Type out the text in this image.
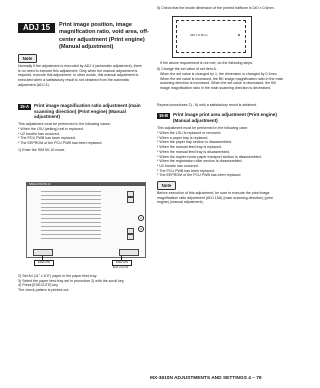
ADJ 15	Print image position, image magnification ratio, void area, off-center adjustment (Print engine) (Manual adjustment)
Note
Normally if the adjustment is executed by ADJ 4 (automatic adjustment), there is no need to execute this adjustment. Only when the manual adjustment is required, execute this adjustment. In other words, this manual adjustment is executed when a satisfactory result is not obtained from the automatic adjustment (ADJ 4).
15-A	Print image magnification ratio adjustment (main scanning direction) (Print engine) (Manual adjustment)
This adjustment must be performed in the following cases:
* When the LSU (writing) unit is replaced.
* U2 trouble has occurred.
* The PCU PWB has been replaced.
* The EEPROM of the PCU PWB has been replaced.
1) Enter the SIM 50-10 mode.
SIMULATION 50-10
2
3
EXECUTE	EXECUTE
End of print
2) Set A4 (11" x 8.5") paper in the paper feed tray.
3) Select the paper feed tray set in procedure 2) with the scroll key.
4) Press [EXECUTE] key.
The check pattern is printed out.
5) Check that the inside dimension of the printed halftone is 240 ± 0.5mm.
240 ± 0.5mm	B
If the above requirement is not met, do the following steps.
6) Change the set value of set item A.
When the set value is changed by 1, the dimension is changed by 0.1mm.
When the set value is increased, the BK image magnification ratio in the main scanning direction is increased. When the set value is decreased, the BK image magnification ratio in the main scanning direction is decreased.
Repeat procedures 2) - 6) until a satisfactory result is obtained.
15-B	Print image print area adjustment (Print engine) (Manual adjustment)
This adjustment must be performed in the following case:
* When the LSU is replaced or removed.
* When a paper tray is replaced.
* When the paper tray section is disassembled.
* When the manual feed tray is replaced.
* When the manual feed tray is disassembled.
* When the duplex mode paper transport section is disassembled.
* When the registration roller section is disassembled.
* U2 trouble has occurred.
* The PCU PWB has been replaced.
* The EEPROM of the PCU PWB has been replaced.
Note
Before execution of this adjustment, be sure to execute the print image magnification ratio adjustment (ADJ 15A) (main scanning direction) (print engine) (manual adjustment).
MX-3610N ADJUSTMENTS AND SETTINGS 4 – 79
